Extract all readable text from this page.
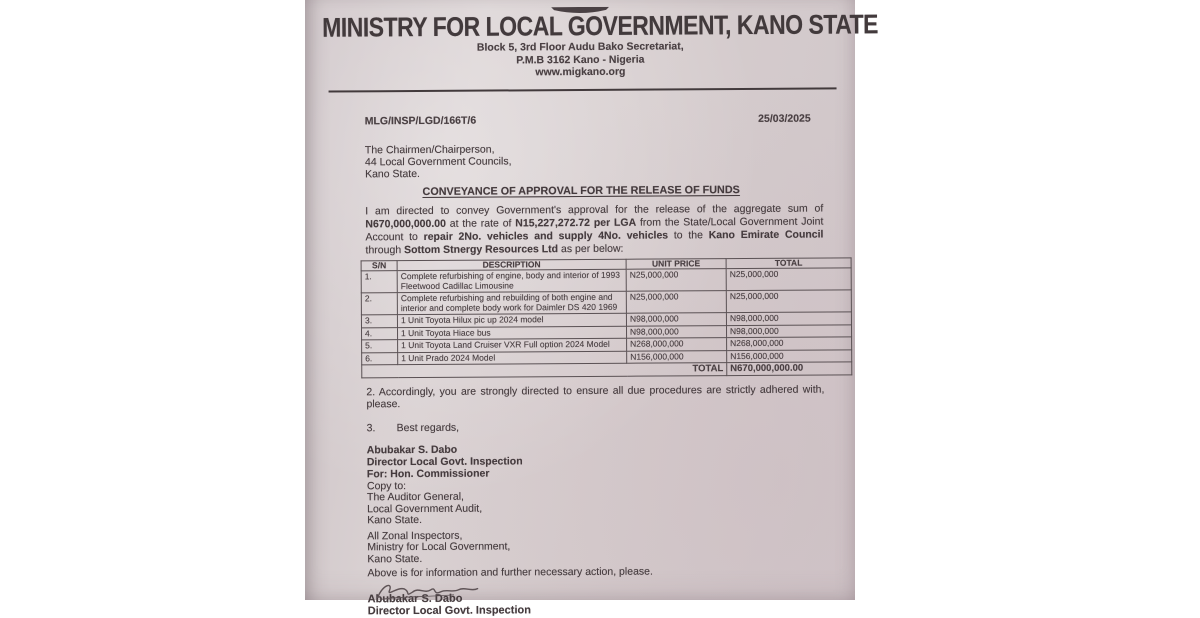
MINISTRY FOR LOCAL GOVERNMENT, KANO STATE
Block 5, 3rd Floor Audu Bako Secretariat,
P.M.B 3162 Kano - Nigeria
www.migkano.org
MLG/INSP/LGD/166T/6	25/03/2025
The Chairmen/Chairperson,
44 Local Government Councils,
Kano State.
CONVEYANCE OF APPROVAL FOR THE RELEASE OF FUNDS

I am directed to convey Government's approval for the release of the aggregate sum of N670,000,000.00 at the rate of N15,227,272.72 per LGA from the State/Local Government Joint Account to repair 2No. vehicles and supply 4No. vehicles to the Kano Emirate Council through Sottom Stnergy Resources Ltd as per below:

S/N	DESCRIPTION	UNIT PRICE	TOTAL
1.	Complete refurbishing of engine, body and interior of 1993 Fleetwood Cadillac Limousine	N25,000,000	N25,000,000
2.	Complete refurbishing and rebuilding of both engine and interior and complete body work for Daimler DS 420 1969	N25,000,000	N25,000,000
3.	1 Unit Toyota Hilux pic up 2024 model	N98,000,000	N98,000,000
4.	1 Unit Toyota Hiace bus	N98,000,000	N98,000,000
5.	1 Unit Toyota Land Cruiser VXR Full option 2024 Model	N268,000,000	N268,000,000
6.	1 Unit Prado 2024 Model	N156,000,000	N156,000,000
TOTAL			N670,000,000.00

2. Accordingly, you are strongly directed to ensure all due procedures are strictly adhered with, please.

3. Best regards,
Abubakar S. Dabo
Director Local Govt. Inspection
For: Hon. Commissioner
Copy to:
The Auditor General,
Local Government Audit,
Kano State.
All Zonal Inspectors,
Ministry for Local Government,
Kano State.
Above is for information and further necessary action, please.
Abubakar S. Dabo
Director Local Govt. Inspection
